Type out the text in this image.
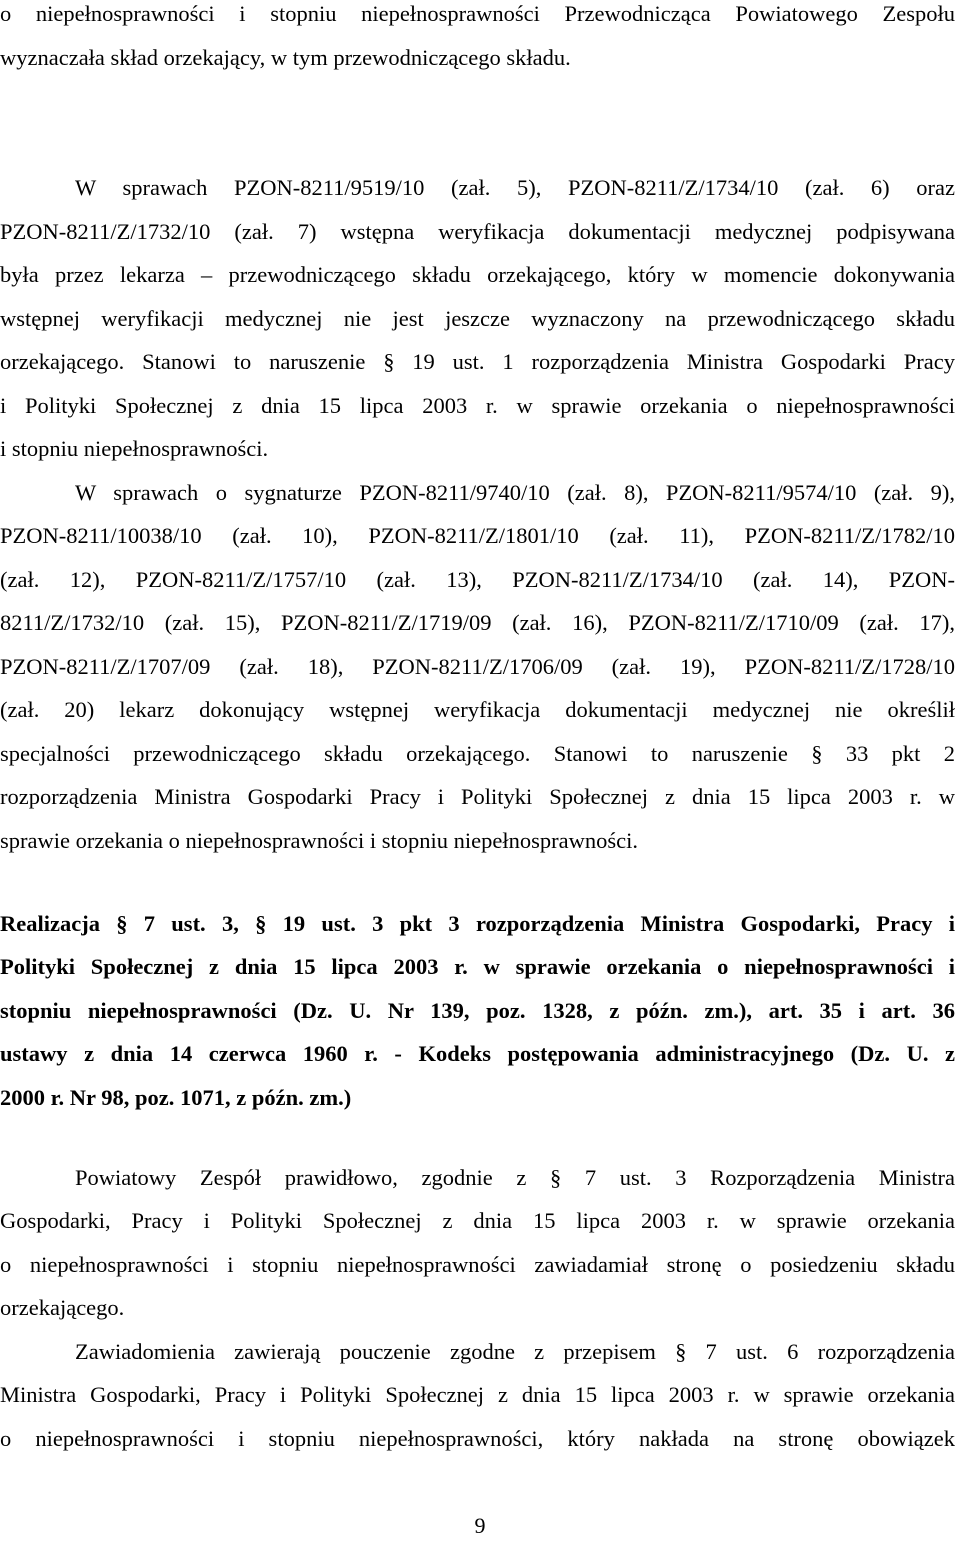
o niepełnosprawności i stopniu niepełnosprawności Przewodnicząca Powiatowego Zespołu
wyznaczała skład orzekający, w tym przewodniczącego składu.
W sprawach PZON-8211/9519/10 (zał. 5), PZON-8211/Z/1734/10 (zał. 6) oraz
PZON-8211/Z/1732/10 (zał. 7) wstępna weryfikacja dokumentacji medycznej podpisywana
była przez lekarza – przewodniczącego składu orzekającego, który w momencie dokonywania
wstępnej weryfikacji medycznej nie jest jeszcze wyznaczony na przewodniczącego składu
orzekającego. Stanowi to naruszenie § 19 ust. 1 rozporządzenia Ministra Gospodarki Pracy
i Polityki Społecznej z dnia 15 lipca 2003 r. w sprawie orzekania o niepełnosprawności
i stopniu niepełnosprawności.
W sprawach o sygnaturze PZON-8211/9740/10 (zał. 8), PZON-8211/9574/10 (zał. 9),
PZON-8211/10038/10 (zał. 10), PZON-8211/Z/1801/10 (zał. 11), PZON-8211/Z/1782/10
(zał. 12), PZON-8211/Z/1757/10 (zał. 13), PZON-8211/Z/1734/10 (zał. 14), PZON-
8211/Z/1732/10 (zał. 15), PZON-8211/Z/1719/09 (zał. 16), PZON-8211/Z/1710/09 (zał. 17),
PZON-8211/Z/1707/09 (zał. 18), PZON-8211/Z/1706/09 (zał. 19), PZON-8211/Z/1728/10
(zał. 20) lekarz dokonujący wstępnej weryfikacja dokumentacji medycznej nie określił
specjalności przewodniczącego składu orzekającego. Stanowi to naruszenie § 33 pkt 2
rozporządzenia Ministra Gospodarki Pracy i Polityki Społecznej z dnia 15 lipca 2003 r. w
sprawie orzekania o niepełnosprawności i stopniu niepełnosprawności.
Realizacja § 7 ust. 3, § 19 ust. 3 pkt 3 rozporządzenia Ministra Gospodarki, Pracy i
Polityki Społecznej z dnia 15 lipca 2003 r. w sprawie orzekania o niepełnosprawności i
stopniu niepełnosprawności (Dz. U. Nr 139, poz. 1328, z późn. zm.), art. 35 i art. 36
ustawy z dnia 14 czerwca 1960 r. - Kodeks postępowania administracyjnego (Dz. U. z
2000 r. Nr 98, poz. 1071, z późn. zm.)
Powiatowy Zespół prawidłowo, zgodnie z § 7 ust. 3 Rozporządzenia Ministra
Gospodarki, Pracy i Polityki Społecznej z dnia 15 lipca 2003 r. w sprawie orzekania
o niepełnosprawności i stopniu niepełnosprawności zawiadamiał stronę o posiedzeniu składu
orzekającego.
Zawiadomienia zawierają pouczenie zgodne z przepisem § 7 ust. 6 rozporządzenia
Ministra Gospodarki, Pracy i Polityki Społecznej z dnia 15 lipca 2003 r. w sprawie orzekania
o niepełnosprawności i stopniu niepełnosprawności, który nakłada na stronę obowiązek
9
